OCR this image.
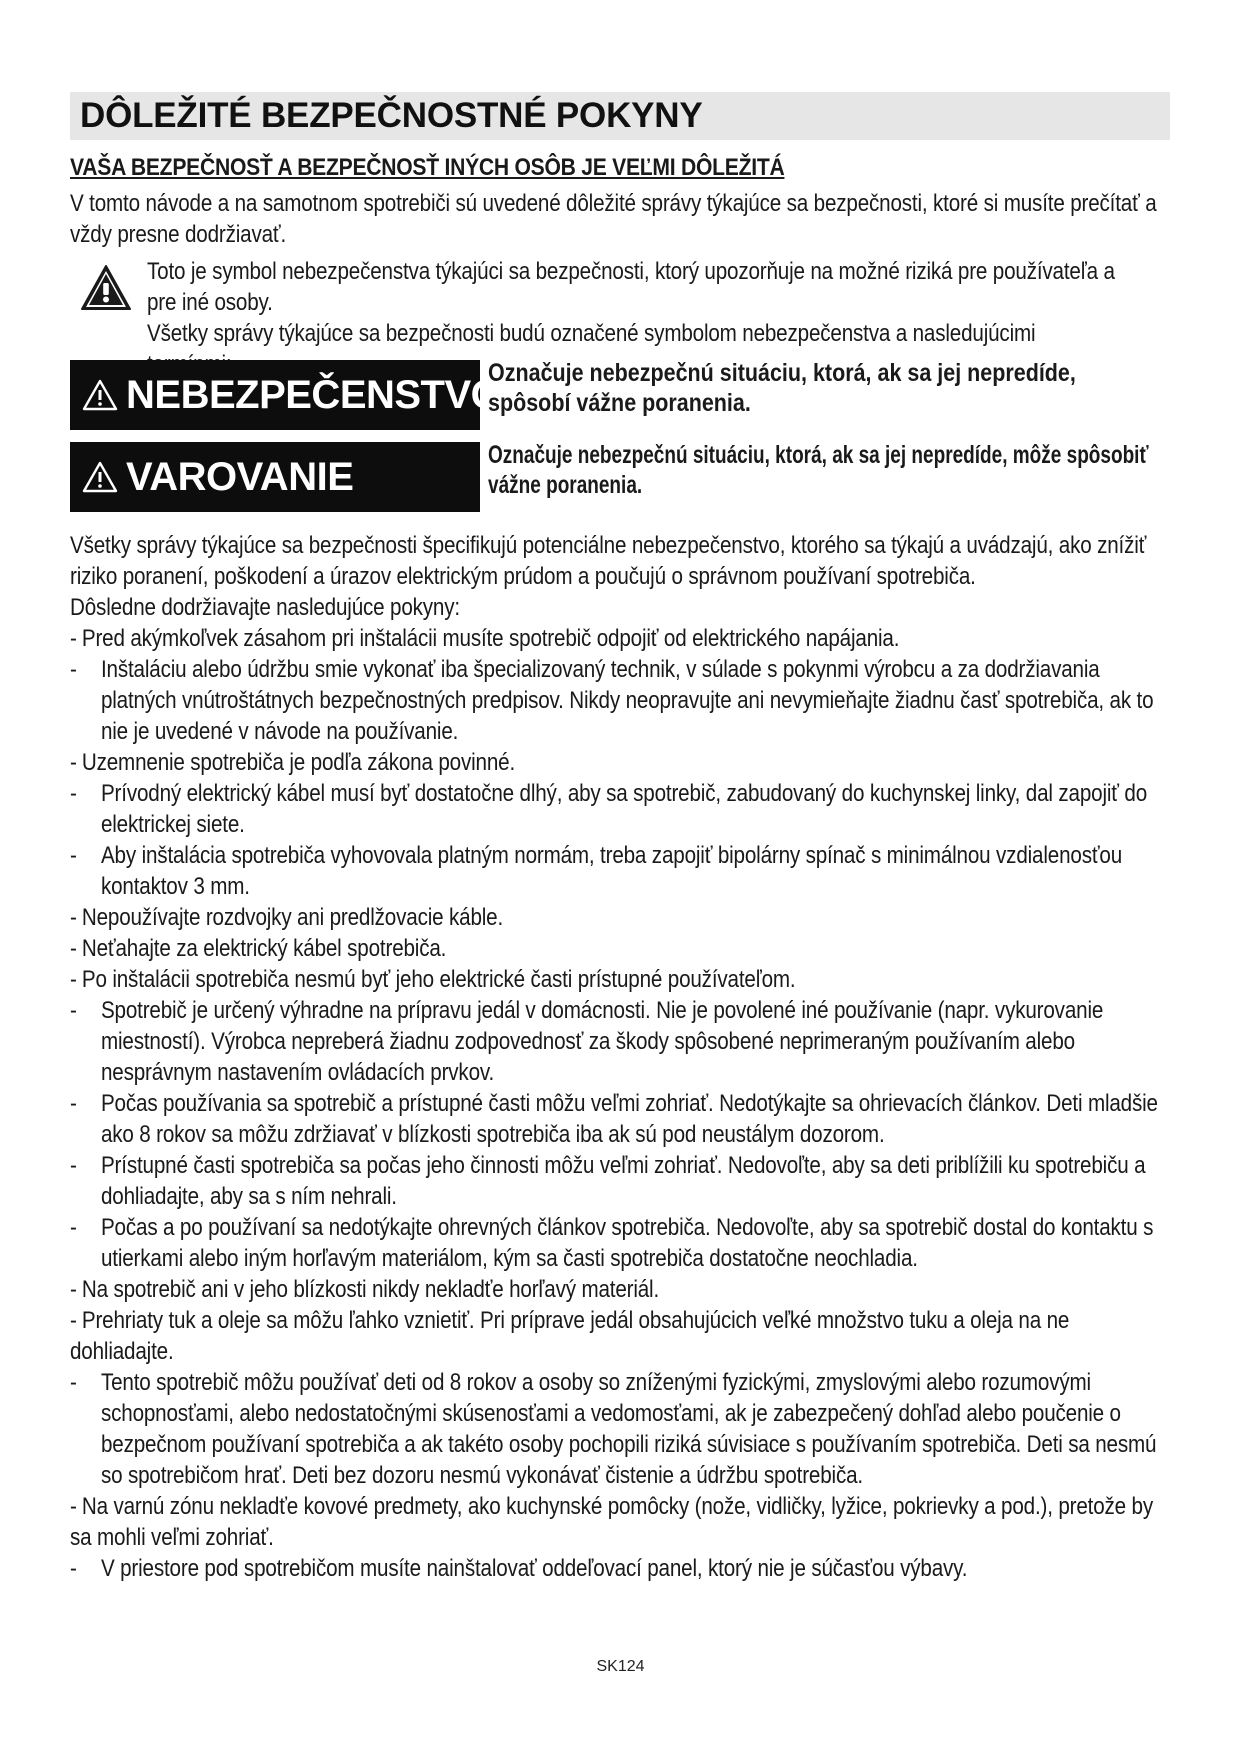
DÔLEŽITÉ BEZPEČNOSTNÉ POKYNY
VAŠA BEZPEČNOSŤ A BEZPEČNOSŤ INÝCH OSÔB JE VEĽMI DÔLEŽITÁ
V tomto návode a na samotnom spotrebiči sú uvedené dôležité správy týkajúce sa bezpečnosti, ktoré si musíte prečítať a vždy presne dodržiavať.
Toto je symbol nebezpečenstva týkajúci sa bezpečnosti, ktorý upozorňuje na možné riziká pre používateľa a pre iné osoby.
Všetky správy týkajúce sa bezpečnosti budú označené symbolom nebezpečenstva a nasledujúcimi
NEBEZPEČENSTVO
Označuje nebezpečnú situáciu, ktorá, ak sa jej nepredíde, spôsobí vážne poranenia.
VAROVANIE	Označuje nebezpečnú situáciu, ktorá, ak sa jej nepredíde, môže spôsobiť vážne poranenia.
Všetky správy týkajúce sa bezpečnosti špecifikujú potenciálne nebezpečenstvo, ktorého sa týkajú a uvádzajú, ako znížiť riziko poranení, poškodení a úrazov elektrickým prúdom a poučujú o správnom používaní spotrebiča.
Dôsledne dodržiavajte nasledujúce pokyny:
- Pred akýmkoľvek zásahom pri inštalácii musíte spotrebič odpojiť od elektrického napájania.
- Inštaláciu alebo údržbu smie vykonať iba špecializovaný technik, v súlade s pokynmi výrobcu a za dodržiavania platných vnútroštátnych bezpečnostných predpisov. Nikdy neopravujte ani nevymieňajte žiadnu časť spotrebiča, ak to nie je uvedené v návode na používanie.
- Uzemnenie spotrebiča je podľa zákona povinné.
- Prívodný elektrický kábel musí byť dostatočne dlhý, aby sa spotrebič, zabudovaný do kuchynskej linky, dal zapojiť do elektrickej siete.
- Aby inštalácia spotrebiča vyhovovala platným normám, treba zapojiť bipolárny spínač s minimálnou vzdialenosťou kontaktov 3 mm.
- Nepoužívajte rozdvojky ani predlžovacie káble.
- Neťahajte za elektrický kábel spotrebiča.
- Po inštalácii spotrebiča nesmú byť jeho elektrické časti prístupné používateľom.
- Spotrebič je určený výhradne na prípravu jedál v domácnosti. Nie je povolené iné používanie (napr. vykurovanie miestností). Výrobca nepreberá žiadnu zodpovednosť za škody spôsobené neprimeraným používaním alebo nesprávnym nastavením ovládacích prvkov.
- Počas používania sa spotrebič a prístupné časti môžu veľmi zohriať. Nedotýkajte sa ohrievacích článkov. Deti mladšie ako 8 rokov sa môžu zdržiavať v blízkosti spotrebiča iba ak sú pod neustálym dozorom.
- Prístupné časti spotrebiča sa počas jeho činnosti môžu veľmi zohriať. Nedovoľte, aby sa deti priblížili ku spotrebiču a dohliadajte, aby sa s ním nehrali.
- Počas a po používaní sa nedotýkajte ohrevných článkov spotrebiča. Nedovoľte, aby sa spotrebič dostal do kontaktu s utierkami alebo iným horľavým materiálom, kým sa časti spotrebiča dostatočne neochladia.
- Na spotrebič ani v jeho blízkosti nikdy nekladťe horľavý materiál.
- Prehriaty tuk a oleje sa môžu ľahko vznietiť. Pri príprave jedál obsahujúcich veľké množstvo tuku a oleja na ne dohliadajte.
- Tento spotrebič môžu používať deti od 8 rokov a osoby so zníženými fyzickými, zmyslovými alebo rozumovými schopnosťami, alebo nedostatočnými skúsenosťami a vedomosťami, ak je zabezpečený dohľad alebo poučenie o bezpečnom používaní spotrebiča a ak takéto osoby pochopili riziká súvisiace s používaním spotrebiča. Deti sa nesmú so spotrebičom hrať. Deti bez dozoru nesmú vykonávať čistenie a údržbu spotrebiča.
- Na varnú zónu nekladťe kovové predmety, ako kuchynské pomôcky (nože, vidličky, lyžice, pokrievky a pod.), pretože by sa mohli veľmi zohriať.
- V priestore pod spotrebičom musíte nainštalovať oddeľovací panel, ktorý nie je súčasťou výbavy.
SK124
